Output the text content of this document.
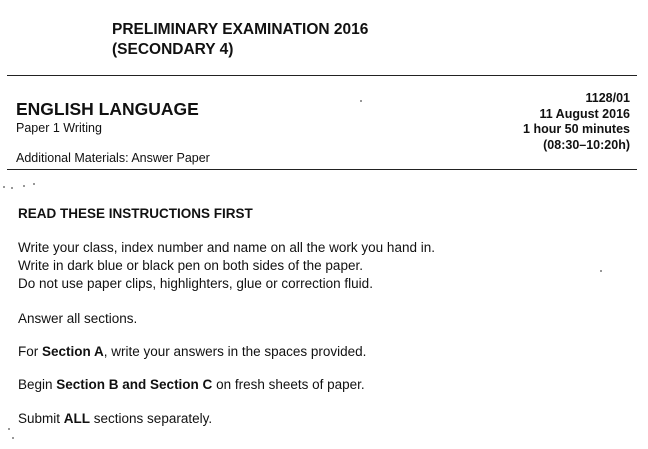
PRELIMINARY EXAMINATION 2016
(SECONDARY 4)
ENGLISH LANGUAGE
Paper 1 Writing
Additional Materials: Answer Paper
1128/01
11 August 2016
1 hour 50 minutes
(08:30–10:20h)
READ THESE INSTRUCTIONS FIRST
Write your class, index number and name on all the work you hand in.
Write in dark blue or black pen on both sides of the paper.
Do not use paper clips, highlighters, glue or correction fluid.
Answer all sections.
For Section A, write your answers in the spaces provided.
Begin Section B and Section C on fresh sheets of paper.
Submit ALL sections separately.
